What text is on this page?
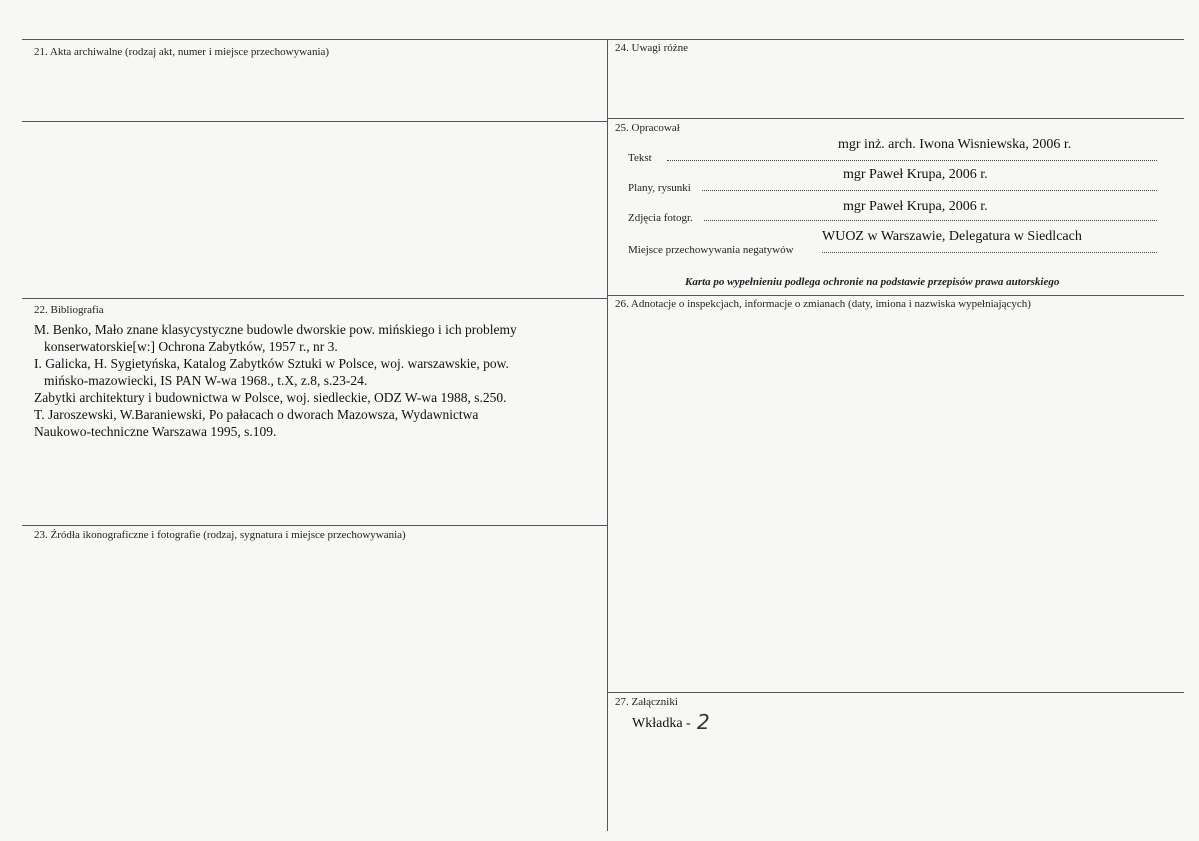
21. Akta archiwalne (rodzaj akt, numer i miejsce przechowywania)
22. Bibliografia
M. Benko, Mało znane klasycystyczne budowle dworskie pow. mińskiego i ich problemy
konserwatorskie[w:] Ochrona Zabytków, 1957 r., nr 3.
I. Galicka, H. Sygietyńska, Katalog Zabytków Sztuki w Polsce, woj. warszawskie, pow.
mińsko-mazowiecki, IS PAN W-wa 1968., t.X, z.8, s.23-24.
Zabytki architektury i budownictwa w Polsce, woj. siedleckie, ODZ W-wa 1988, s.250.
T. Jaroszewski, W.Baraniewski, Po pałacach o dworach Mazowsza, Wydawnictwa
Naukowo-techniczne Warszawa 1995, s.109.
23. Źródła ikonograficzne i fotografie (rodzaj, sygnatura i miejsce przechowywania)
24. Uwagi różne
25. Opracował
mgr inż. arch. Iwona Wisniewska, 2006 r.
Tekst
mgr Paweł Krupa, 2006 r.
Plany, rysunki
mgr Paweł Krupa, 2006 r.
Zdjęcia fotogr.
WUOZ w Warszawie, Delegatura w Siedlcach
Miejsce przechowywania negatywów
Karta po wypełnieniu podlega ochronie na podstawie przepisów prawa autorskiego
26. Adnotacje o inspekcjach, informacje o zmianach (daty, imiona i nazwiska wypełniających)
27. Załączniki
Wkładka - 2
